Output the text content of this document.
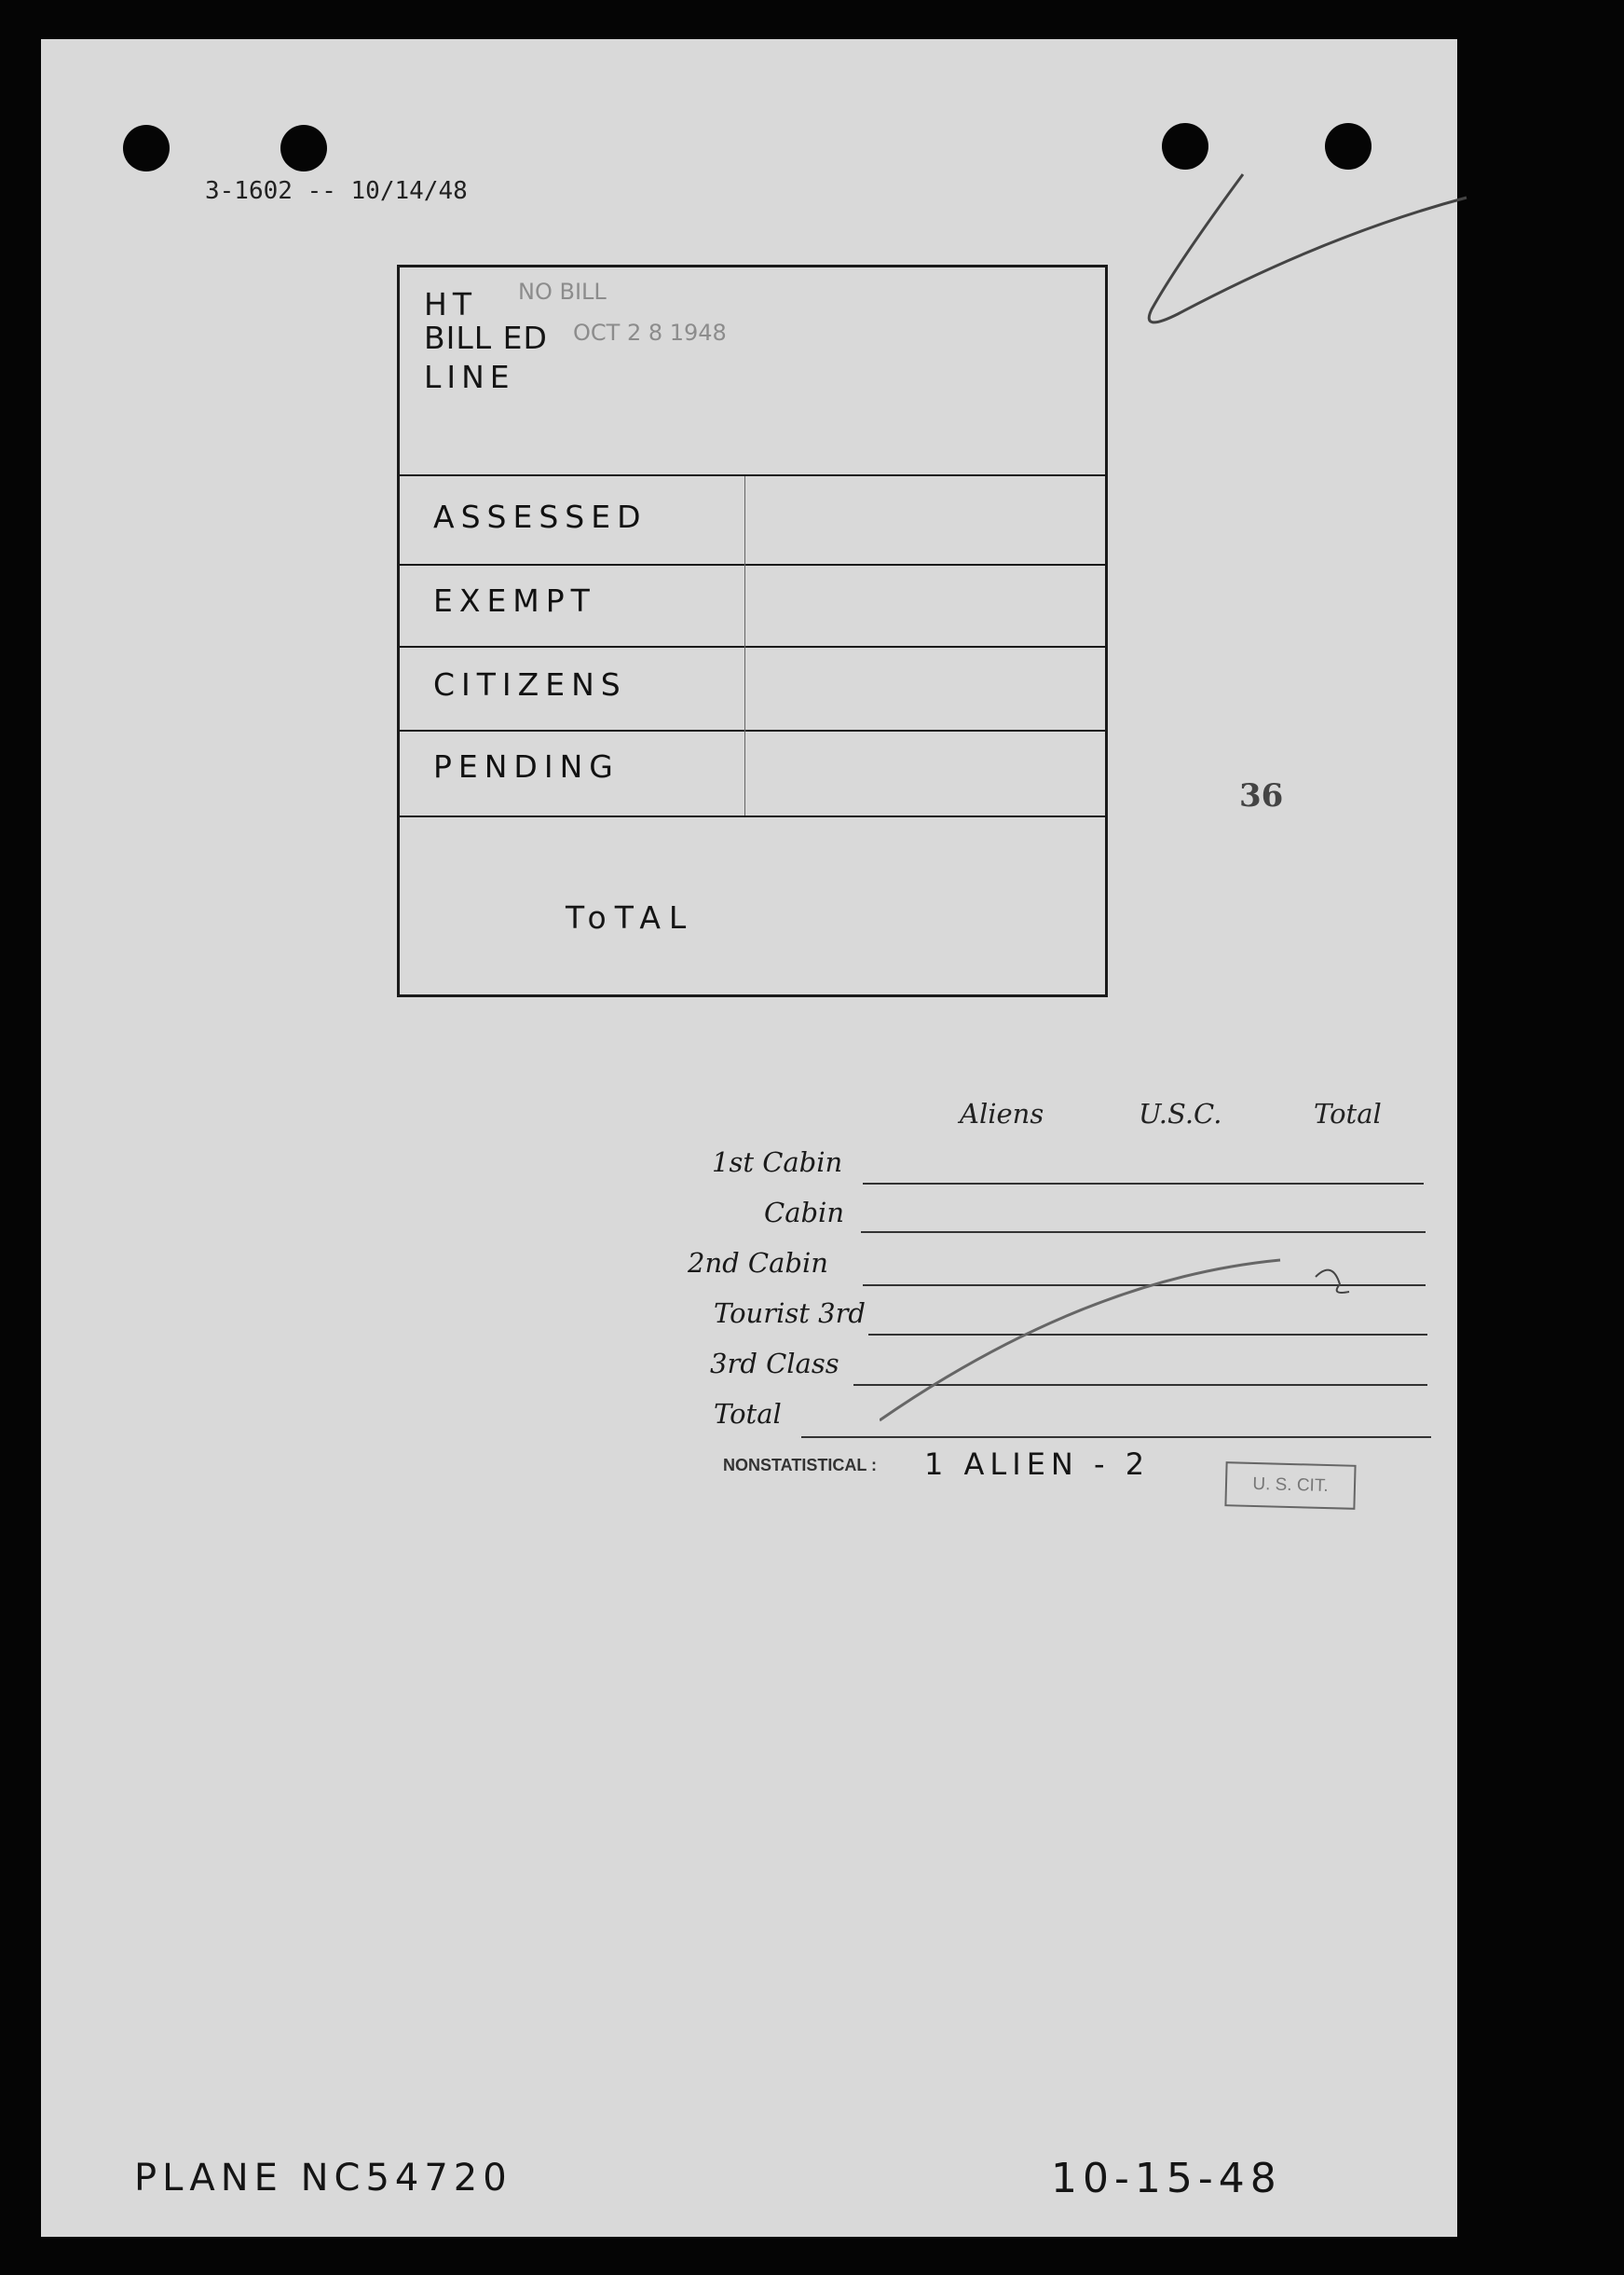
3-1602 -- 10/14/48
HT
BILL ED
LINE
NO BILL
OCT 2 8 1948
ASSESSED
EXEMPT
CITIZENS
PENDING
ToTAL
36
Aliens	U.S.C.	Total
1st Cabin
Cabin
2nd Cabin
Tourist 3rd
3rd Class
Total
NONSTATISTICAL : 1 ALIEN - 2
U. S. CIT.
PLANE NC54720	10-15-48
